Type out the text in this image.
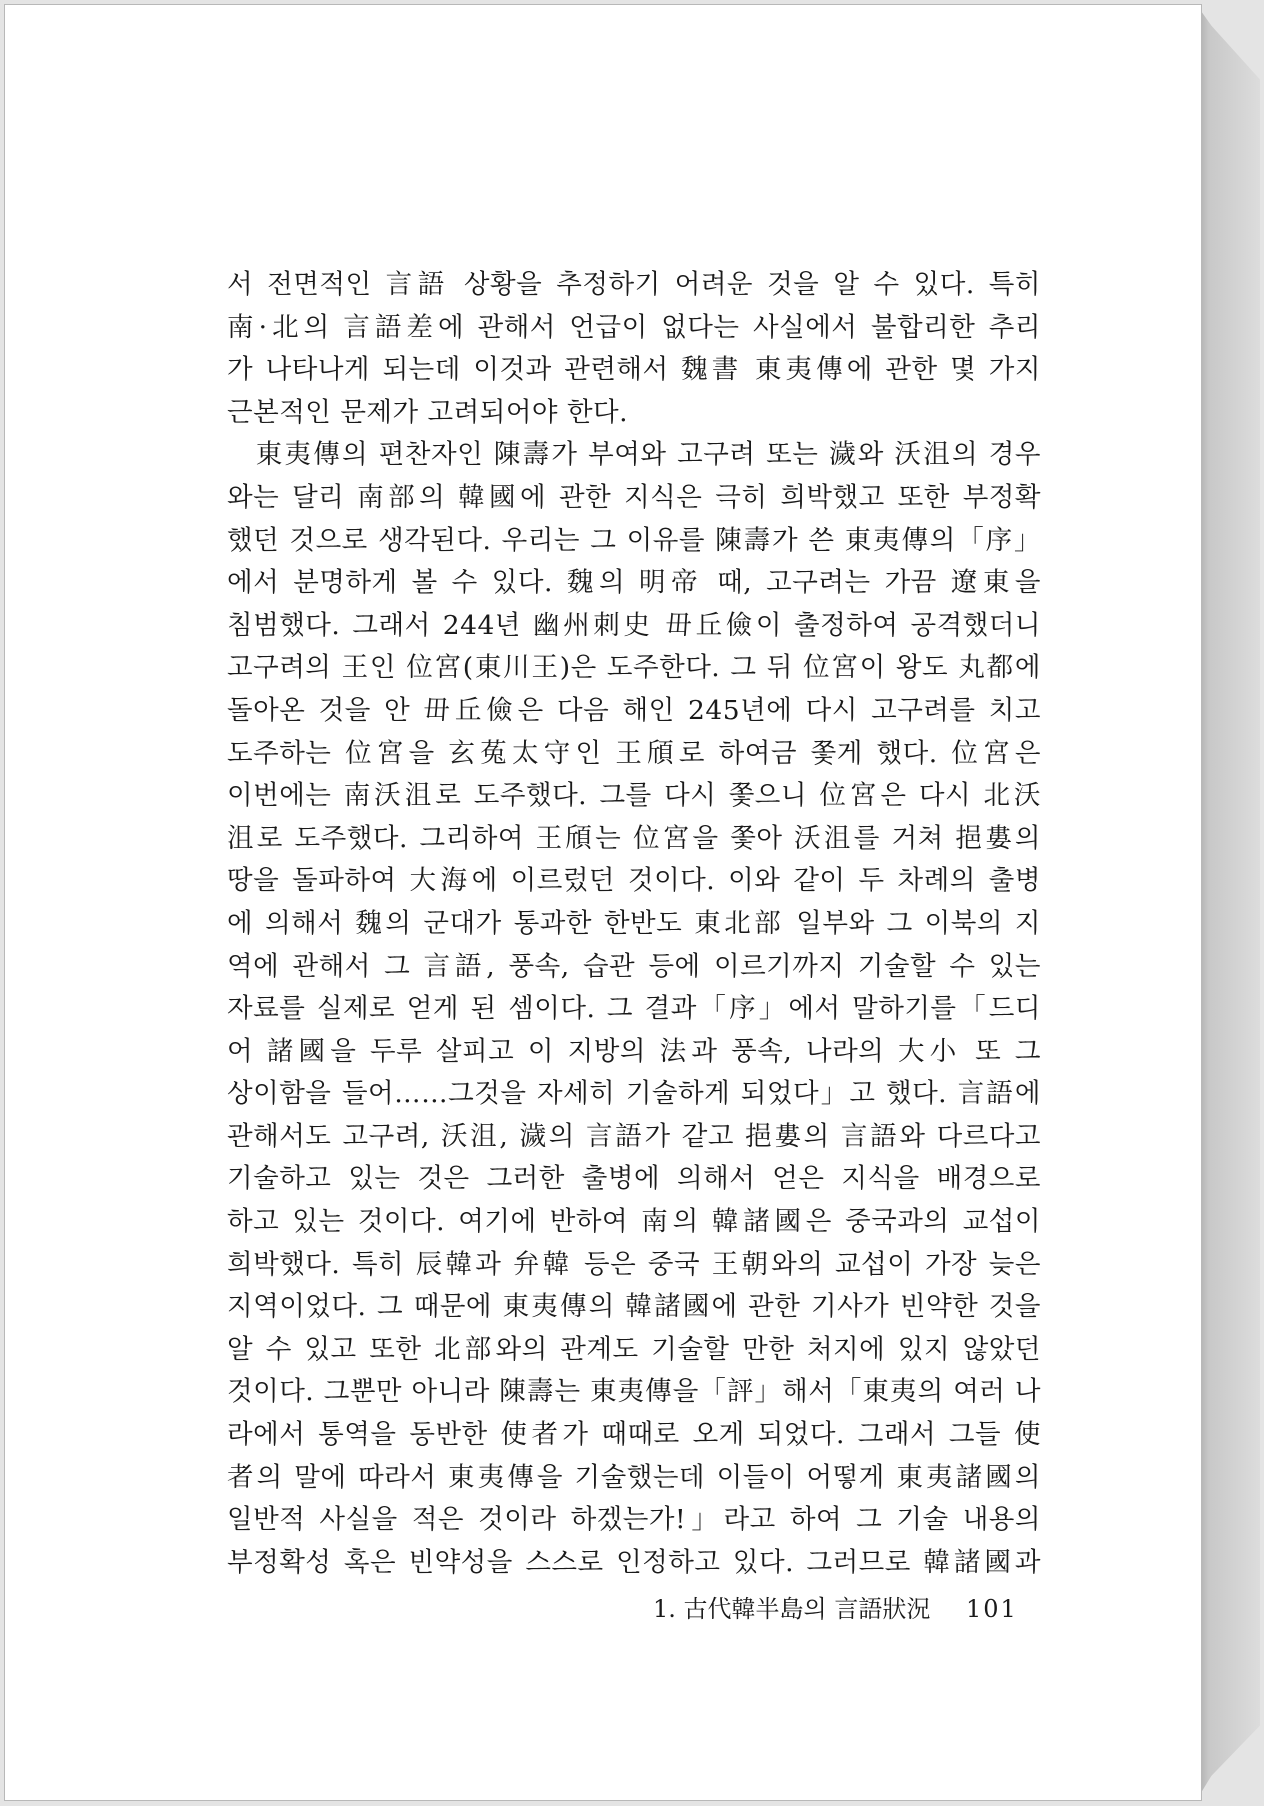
서 전면적인 言語 상황을 추정하기 어려운 것을 알 수 있다. 특히
南·北의 言語差에 관해서 언급이 없다는 사실에서 불합리한 추리
가 나타나게 되는데 이것과 관련해서 魏書 東夷傳에 관한 몇 가지
근본적인 문제가 고려되어야 한다.
　東夷傳의 편찬자인 陳壽가 부여와 고구려 또는 濊와 沃沮의 경우
와는 달리 南部의 韓國에 관한 지식은 극히 희박했고 또한 부정확
했던 것으로 생각된다. 우리는 그 이유를 陳壽가 쓴 東夷傳의「序」
에서 분명하게 볼 수 있다. 魏의 明帝 때, 고구려는 가끔 遼東을
침범했다. 그래서 244년 幽州刺史 毌丘儉이 출정하여 공격했더니
고구려의 王인 位宮(東川王)은 도주한다. 그 뒤 位宮이 왕도 丸都에
돌아온 것을 안 毌丘儉은 다음 해인 245년에 다시 고구려를 치고
도주하는 位宮을 玄菟太守인 王頎로 하여금 쫓게 했다. 位宮은
이번에는 南沃沮로 도주했다. 그를 다시 쫓으니 位宮은 다시 北沃
沮로 도주했다. 그리하여 王頎는 位宮을 쫓아 沃沮를 거쳐 挹婁의
땅을 돌파하여 大海에 이르렀던 것이다. 이와 같이 두 차례의 출병
에 의해서 魏의 군대가 통과한 한반도 東北部 일부와 그 이북의 지
역에 관해서 그 言語, 풍속, 습관 등에 이르기까지 기술할 수 있는
자료를 실제로 얻게 된 셈이다. 그 결과「序」에서 말하기를「드디
어 諸國을 두루 살피고 이 지방의 法과 풍속, 나라의 大小 또 그
상이함을 들어……그것을 자세히 기술하게 되었다」고 했다. 言語에
관해서도 고구려, 沃沮, 濊의 言語가 같고 挹婁의 言語와 다르다고
기술하고 있는 것은 그러한 출병에 의해서 얻은 지식을 배경으로
하고 있는 것이다. 여기에 반하여 南의 韓諸國은 중국과의 교섭이
희박했다. 특히 辰韓과 弁韓 등은 중국 王朝와의 교섭이 가장 늦은
지역이었다. 그 때문에 東夷傳의 韓諸國에 관한 기사가 빈약한 것을
알 수 있고 또한 北部와의 관계도 기술할 만한 처지에 있지 않았던
것이다. 그뿐만 아니라 陳壽는 東夷傳을「評」해서「東夷의 여러 나
라에서 통역을 동반한 使者가 때때로 오게 되었다. 그래서 그들 使
者의 말에 따라서 東夷傳을 기술했는데 이들이 어떻게 東夷諸國의
일반적 사실을 적은 것이라 하겠는가!」라고 하여 그 기술 내용의
부정확성 혹은 빈약성을 스스로 인정하고 있다. 그러므로 韓諸國과
1. 古代韓半島의 言語狀況 101
